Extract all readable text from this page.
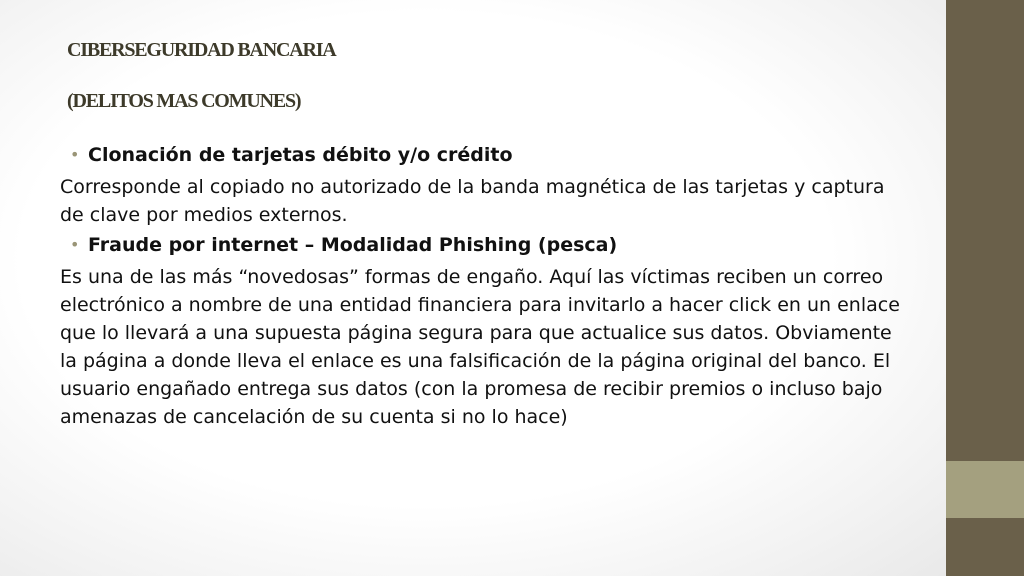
CIBERSEGURIDAD BANCARIA
(DELITOS MAS COMUNES)
• Clonación de tarjetas débito y/o crédito
Corresponde al copiado no autorizado de la banda magnética de las tarjetas y captura de clave por medios externos.
• Fraude por internet – Modalidad Phishing (pesca)
Es una de las más “novedosas” formas de engaño. Aquí las víctimas reciben un correo electrónico a nombre de una entidad financiera para invitarlo a hacer click en un enlace que lo llevará a una supuesta página segura para que actualice sus datos. Obviamente la página a donde lleva el enlace es una falsificación de la página original del banco. El usuario engañado entrega sus datos (con la promesa de recibir premios o incluso bajo amenazas de cancelación de su cuenta si no lo hace)
